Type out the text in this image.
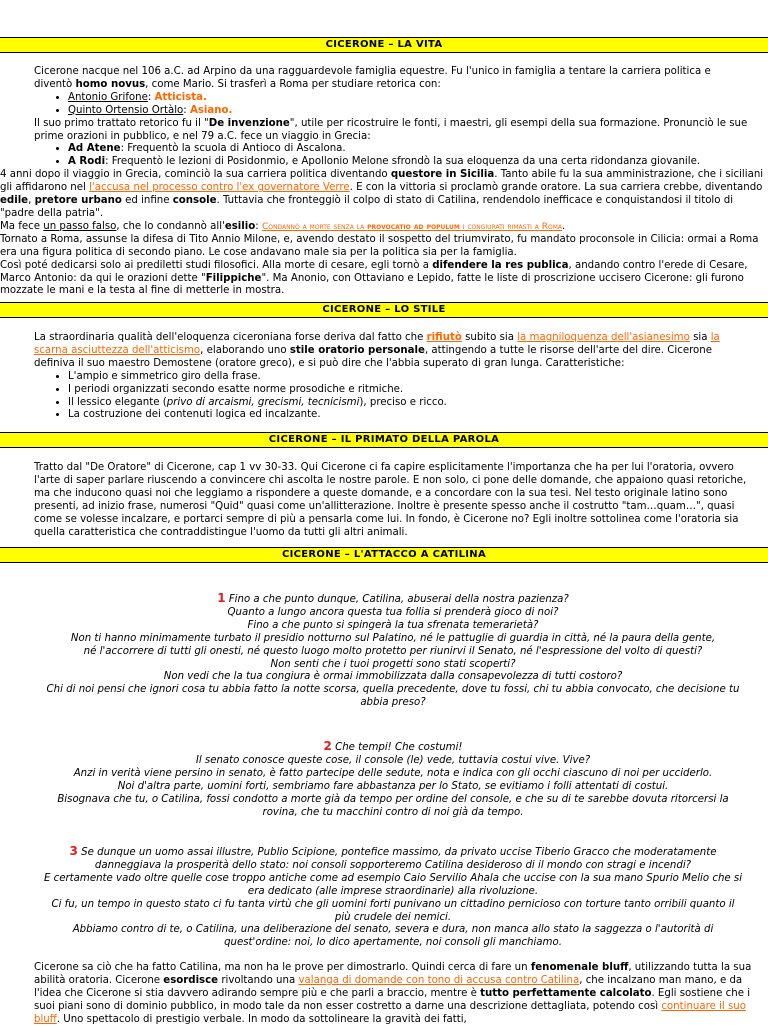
CICERONE – LA VITA

Cicerone nacque nel 106 a.C. ad Arpino da una ragguardevole famiglia equestre. Fu l'unico in famiglia a tentare la carriera politica e diventò homo novus, come Mario. Si trasferì a Roma per studiare retorica con:

• Antonio Grifone: Atticista.
• Quinto Ortensio Ortàlo: Asiano.

Il suo primo trattato retorico fu il "De invenzione", utile per ricostruire le fonti, i maestri, gli esempi della sua formazione. Pronunciò le sue prime orazioni in pubblico, e nel 79 a.C. fece un viaggio in Grecia:

• Ad Atene: Frequentò la scuola di Antioco di Ascalona.
• A Rodi: Frequentò le lezioni di Posidonmio, e Apollonio Melone sfrondò la sua eloquenza da una certa ridondanza giovanile.

4 anni dopo il viaggio in Grecia, cominciò la sua carriera politica diventando questore in Sicilia. Tanto abile fu la sua amministrazione, che i siciliani gli affidarono nel l'accusa nel processo contro l'ex governatore Verre. E con la vittoria si proclamò grande oratore. La sua carriera crebbe, diventando edile, pretore urbano ed infine console. Tuttavia che fronteggiò il colpo di stato di Catilina, rendendolo inefficace e conquistandosi il titolo di "padre della patria".

Ma fece un passo falso, che lo condannò all'esilio: Condannò a morte senza la provocatio ad populum i congiurati rimasti a Roma.

Tornato a Roma, assunse la difesa di Tito Annio Milone, e, avendo destato il sospetto del triumvirato, fu mandato proconsole in Cilicia: ormai a Roma era una figura politica di secondo piano. Le cose andavano male sia per la politica sia per la famiglia.

Così poté dedicarsi solo ai prediletti studi filosofici. Alla morte di cesare, egli tornò a difendere la res publica, andando contro l'erede di Cesare, Marco Antonio: da qui le orazioni dette "Filippiche". Ma Anonio, con Ottaviano e Lepido, fatte le liste di proscrizione uccisero Cicerone: gli furono mozzate le mani e la testa al fine di metterle in mostra.

CICERONE – LO STILE

La straordinaria qualità dell'eloquenza ciceroniana forse deriva dal fatto che rifiutò subito sia la magniloquenza dell'asianesimo sia la scarna asciuttezza dell'atticismo, elaborando uno stile oratorio personale, attingendo a tutte le risorse dell'arte del dire. Cicerone definiva il suo maestro Demostene (oratore greco), e si può dire che l'abbia superato di gran lunga. Caratteristiche:

• L'ampio e simmetrico giro della frase.
• I periodi organizzati secondo esatte norme prosodiche e ritmiche.
• Il lessico elegante (privo di arcaismi, grecismi, tecnicismi), preciso e ricco.
• La costruzione dei contenuti logica ed incalzante.
CICERONE – IL PRIMATO DELLA PAROLA

Tratto dal "De Oratore" di Cicerone, cap 1 vv 30-33. Qui Cicerone ci fa capire esplicitamente l'importanza che ha per lui l'oratoria, ovvero l'arte di saper parlare riuscendo a convincere chi ascolta le nostre parole. E non solo, ci pone delle domande, che appaiono quasi retoriche, ma che inducono quasi noi che leggiamo a rispondere a queste domande, e a concordare con la sua tesi. Nel testo originale latino sono presenti, ad inizio frase, numerosi "Quid" quasi come un'allitterazione. Inoltre è presente spesso anche il costrutto "tam…quam…", quasi come se volesse incalzare, e portarci sempre di più a pensarla come lui. In fondo, è Cicerone no? Egli inoltre sottolinea come l'oratoria sia quella caratteristica che contraddistingue l'uomo da tutti gli altri animali.

CICERONE – L'ATTACCO A CATILINA

1 Fino a che punto dunque, Catilina, abuserai della nostra pazienza?

Quanto a lungo ancora questa tua follia si prenderà gioco di noi?

Fino a che punto si spingerà la tua sfrenata temerarietà?

Non ti hanno minimamente turbato il presidio notturno sul Palatino, né le pattuglie di guardia in città, né la paura della gente,

né l'accorrere di tutti gli onesti, né questo luogo molto protetto per riunirvi il Senato, né l'espressione del volto di questi?

Non senti che i tuoi progetti sono stati scoperti?

Non vedi che la tua congiura è ormai immobilizzata dalla consapevolezza di tutti costoro?

Chi di noi pensi che ignori cosa tu abbia fatto la notte scorsa, quella precedente, dove tu fossi, chi tu abbia convocato, che decisione tu

abbia preso?

2 Che tempi! Che costumi!

Il senato conosce queste cose, il console (le) vede, tuttavia costui vive. Vive?

Anzi in verità viene persino in senato, è fatto partecipe delle sedute, nota e indica con gli occhi ciascuno di noi per ucciderlo.

Noi d'altra parte, uomini forti, sembriamo fare abbastanza per lo Stato, se evitiamo i folli attentati di costui.

Bisognava che tu, o Catilina, fossi condotto a morte già da tempo per ordine del console, e che su di te sarebbe dovuta ritorcersi la

rovina, che tu macchini contro di noi già da tempo.

3 Se dunque un uomo assai illustre, Publio Scipione, pontefice massimo, da privato uccise Tiberio Gracco che moderatamente

danneggiava la prosperità dello stato: noi consoli sopporteremo Catilina desideroso di il mondo con stragi e incendi?

E certamente vado oltre quelle cose troppo antiche come ad esempio Caio Servilio Ahala che uccise con la sua mano Spurio Melio che si

era dedicato (alle imprese straordinarie) alla rivoluzione.

Ci fu, un tempo in questo stato ci fu tanta virtù che gli uomini forti punivano un cittadino pernicioso con torture tanto orribili quanto il

più crudele dei nemici.

Abbiamo contro di te, o Catilina, una deliberazione del senato, severa e dura, non manca allo stato la saggezza o l'autorità di

quest'ordine: noi, lo dico apertamente, noi consoli gli manchiamo.

Cicerone sa ciò che ha fatto Catilina, ma non ha le prove per dimostrarlo. Quindi cerca di fare un fenomenale bluff, utilizzando tutta la sua abilità oratoria. Cicerone esordisce rivoltando una valanga di domande con tono di accusa contro Catilina, che incalzano man mano, e da l'idea che Cicerone si stia davvero adirando sempre più e che parli a braccio, mentre è tutto perfettamente calcolato. Egli sostiene che i suoi piani sono di dominio pubblico, in modo tale da non esser costretto a darne una descrizione dettagliata, potendo così continuare il suo bluff. Uno spettacolo di prestigio verbale. In modo da sottolineare la gravità dei fatti,
